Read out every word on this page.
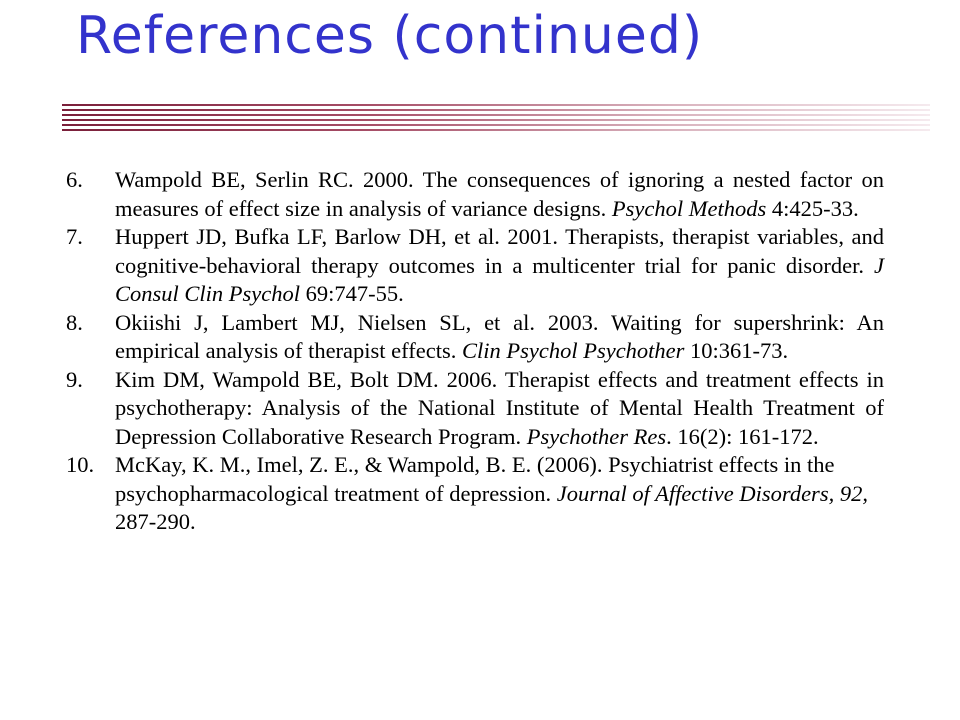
References (continued)
6. Wampold BE, Serlin RC. 2000. The consequences of ignoring a nested factor on measures of effect size in analysis of variance designs. Psychol Methods 4:425-33.
7. Huppert JD, Bufka LF, Barlow DH, et al. 2001. Therapists, therapist variables, and cognitive-behavioral therapy outcomes in a multicenter trial for panic disorder. J Consul Clin Psychol 69:747-55.
8. Okiishi J, Lambert MJ, Nielsen SL, et al. 2003. Waiting for supershrink: An empirical analysis of therapist effects. Clin Psychol Psychother 10:361-73.
9. Kim DM, Wampold BE, Bolt DM. 2006. Therapist effects and treatment effects in psychotherapy: Analysis of the National Institute of Mental Health Treatment of Depression Collaborative Research Program. Psychother Res. 16(2): 161-172.
10. McKay, K. M., Imel, Z. E., & Wampold, B. E. (2006). Psychiatrist effects in the psychopharmacological treatment of depression. Journal of Affective Disorders, 92, 287-290.
